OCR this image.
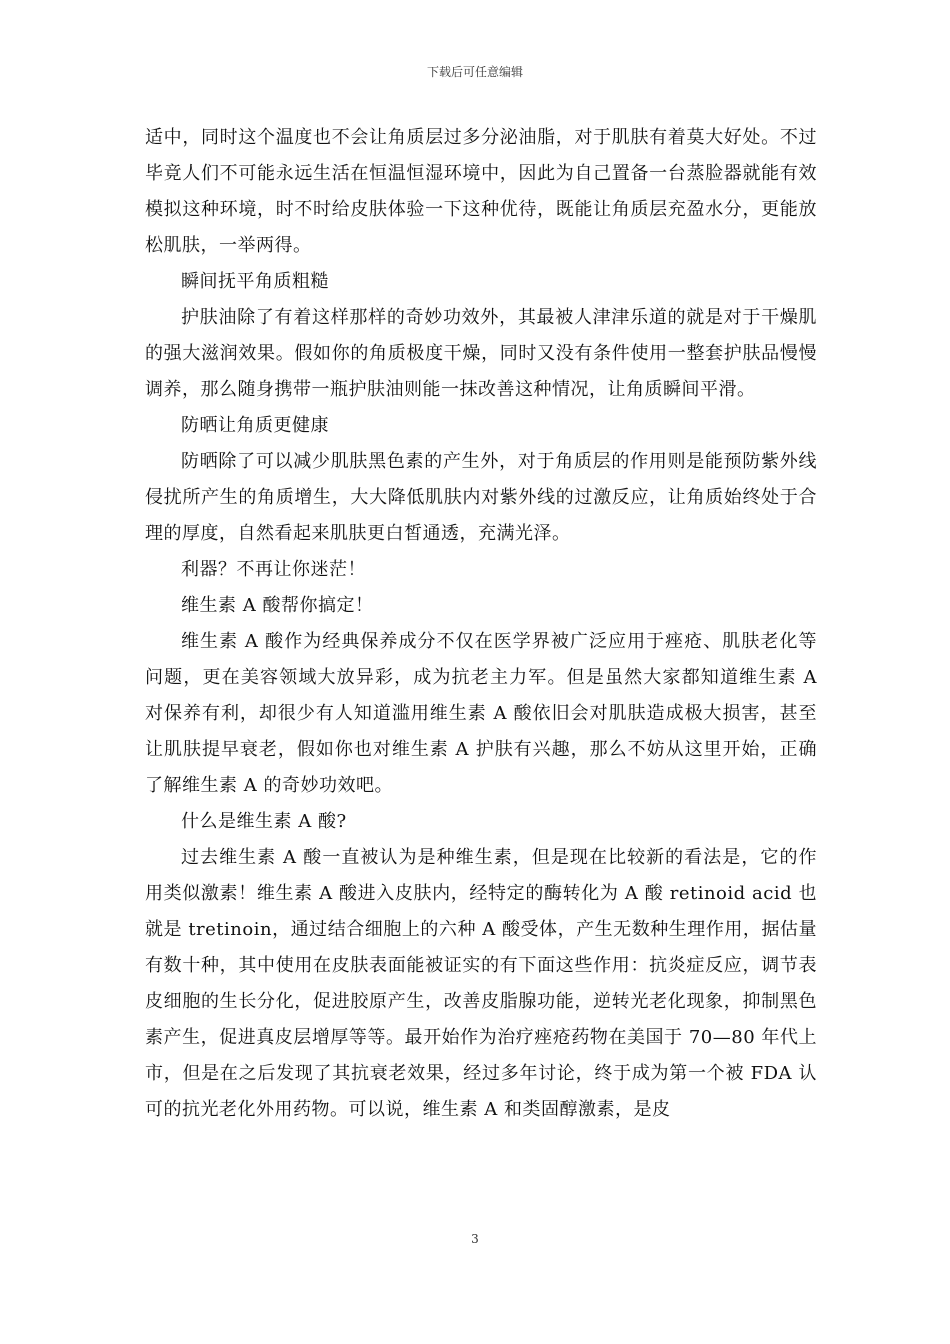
下载后可任意编辑

适中，同时这个温度也不会让角质层过多分泌油脂，对于肌肤有着莫大好处。不过毕竟人们不可能永远生活在恒温恒湿环境中，因此为自己置备一台蒸脸器就能有效模拟这种环境，时不时给皮肤体验一下这种优待，既能让角质层充盈水分，更能放松肌肤，一举两得。

瞬间抚平角质粗糙

护肤油除了有着这样那样的奇妙功效外，其最被人津津乐道的就是对于干燥肌的强大滋润效果。假如你的角质极度干燥，同时又没有条件使用一整套护肤品慢慢调养，那么随身携带一瓶护肤油则能一抹改善这种情况，让角质瞬间平滑。

防晒让角质更健康

防晒除了可以减少肌肤黑色素的产生外，对于角质层的作用则是能预防紫外线侵扰所产生的角质增生，大大降低肌肤内对紫外线的过激反应，让角质始终处于合理的厚度，自然看起来肌肤更白皙通透，充满光泽。

利器？不再让你迷茫！

维生素 A 酸帮你搞定！

维生素 A 酸作为经典保养成分不仅在医学界被广泛应用于痤疮、肌肤老化等问题，更在美容领域大放异彩，成为抗老主力军。但是虽然大家都知道维生素 A 对保养有利，却很少有人知道滥用维生素 A 酸依旧会对肌肤造成极大损害，甚至让肌肤提早衰老，假如你也对维生素 A 护肤有兴趣，那么不妨从这里开始，正确了解维生素 A 的奇妙功效吧。

什么是维生素 A 酸?

过去维生素 A 酸一直被认为是种维生素，但是现在比较新的看法是，它的作用类似激素！维生素 A 酸进入皮肤内，经特定的酶转化为 A 酸 retinoid acid 也就是 tretinoin，通过结合细胞上的六种 A 酸受体，产生无数种生理作用，据估量有数十种，其中使用在皮肤表面能被证实的有下面这些作用：抗炎症反应，调节表皮细胞的生长分化，促进胶原产生，改善皮脂腺功能，逆转光老化现象，抑制黑色素产生，促进真皮层增厚等等。最开始作为治疗痤疮药物在美国于 70—80 年代上市，但是在之后发现了其抗衰老效果，经过多年讨论，终于成为第一个被 FDA 认可的抗光老化外用药物。可以说，维生素 A 和类固醇激素，是皮

3
